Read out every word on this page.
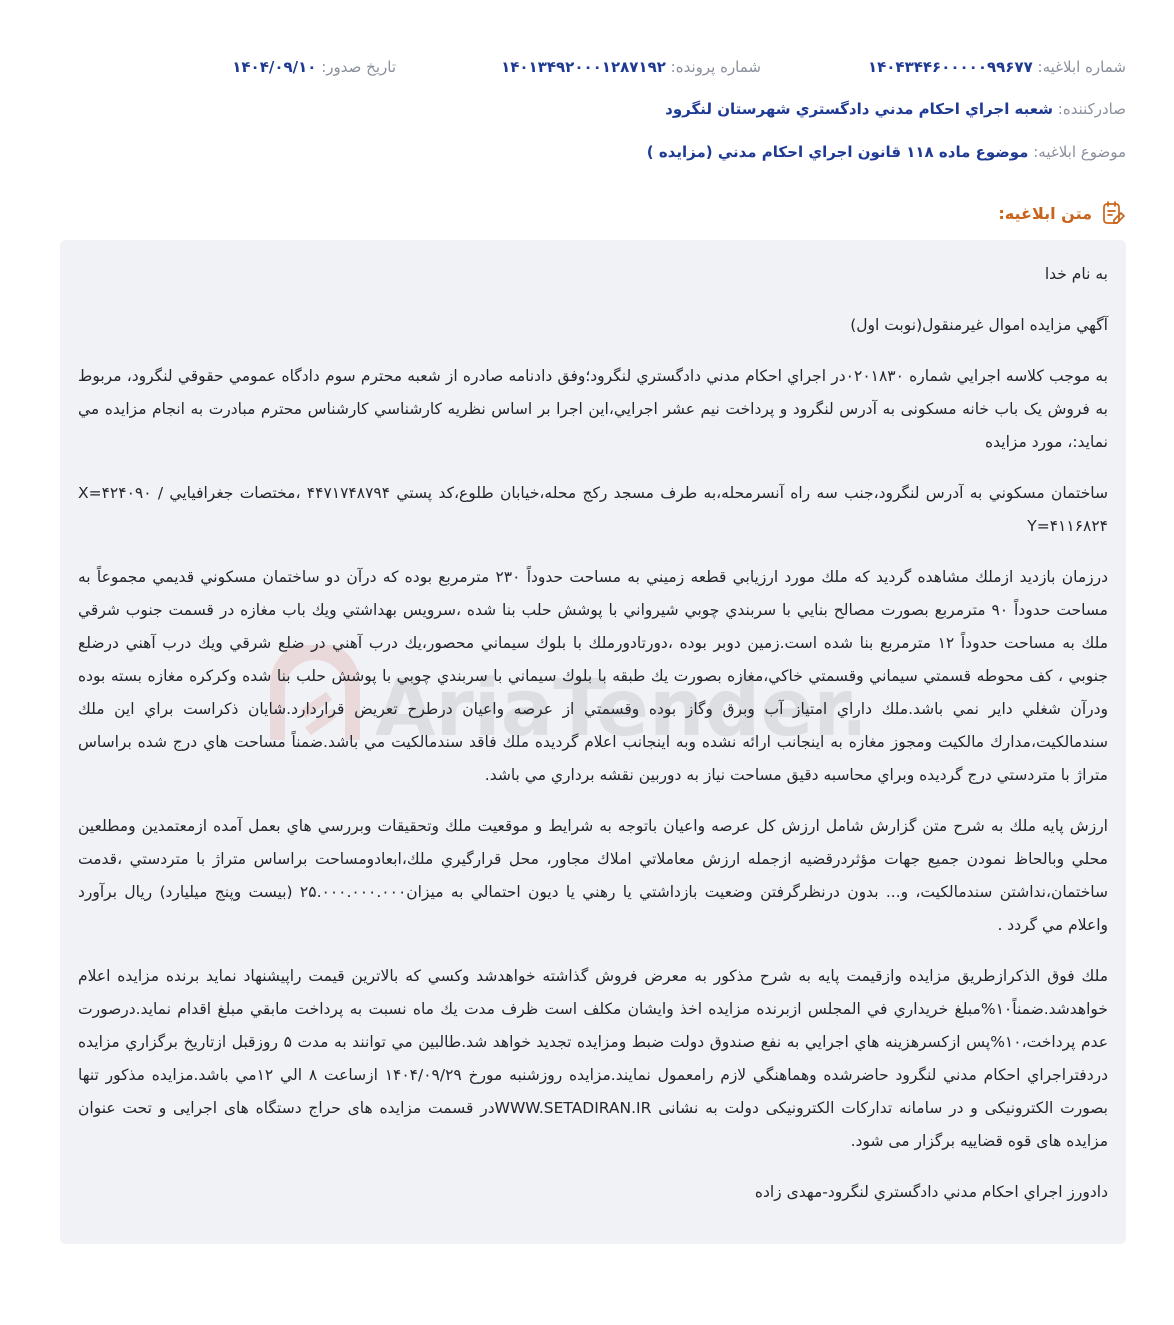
شماره ابلاغيه: ۱۴۰۴۳۴۴۶۰۰۰۰۰۹۹۶۷۷
شماره پرونده: ۱۴۰۱۳۴۹۲۰۰۰۱۲۸۷۱۹۲
تاريخ صدور: ۱۴۰۴/۰۹/۱۰
صادرکننده: شعبه اجراي احکام مدني دادگستري شهرستان لنگرود
موضوع ابلاغيه: موضوع ماده ۱۱۸ قانون اجراي احكام مدني (مزايده )
متن ابلاغيه:
AriaTender

به نام خدا

آگهي مزايده اموال غيرمنقول(نوبت اول)

به موجب كلاسه اجرايي شماره ۰۲۰۱۸۳۰در اجراي احكام مدني دادگستري لنگرود؛وفق دادنامه صادره از شعبه محترم سوم دادگاه عمومي حقوقي لنگرود، مربوط به فروش يک باب خانه مسکونی به آدرس لنگرود و پرداخت نيم عشر اجرايي،اين اجرا بر اساس نظريه کارشناسي كارشناس محترم مبادرت به انجام مزايده مي نمايد:، مورد مزايده

ساختمان مسكوني به آدرس لنگرود،جنب سه راه آنسرمحله،به طرف مسجد ركج محله،خيابان طلوع،كد پستي ۴۴۷۱۷۴۸۷۹۴ ،مختصات جغرافيايي X=۴۲۴۰۹۰ / Y=۴۱۱۶۸۲۴

درزمان بازديد ازملك مشاهده گرديد كه ملك مورد ارزيابي قطعه زميني به مساحت حدوداً ۲۳۰ مترمربع بوده كه درآن دو ساختمان مسكوني قديمي مجموعاً به مساحت حدوداً ۹۰ مترمربع بصورت مصالح بنايي با سربندي چوبي شيرواني با پوشش حلب بنا شده ،سرويس بهداشتي ويك باب مغازه در قسمت جنوب شرقي ملك به مساحت حدوداً ۱۲ مترمربع بنا شده است.زمين دوبر بوده ،دورتادورملك با بلوك سيماني محصور،يك درب آهني در ضلع شرقي ويك درب آهني درضلع جنوبي ، كف محوطه قسمتي سيماني وقسمتي خاكي،مغازه بصورت يك طبقه با بلوك سيماني با سربندي چوبي با پوشش حلب بنا شده وكركره مغازه بسته بوده ودرآن شغلي داير نمي باشد.ملك داراي امتياز آب وبرق وگاز بوده وقسمتي از عرصه واعيان درطرح تعريض قراردارد.شايان ذكراست براي اين ملك سندمالكيت،مدارك مالكيت ومجوز مغازه به اينجانب ارائه نشده وبه اينجانب اعلام گرديده ملك فاقد سندمالكيت مي باشد.ضمناً مساحت هاي درج شده براساس متراژ با متردستي درج گرديده وبراي محاسبه دقيق مساحت نياز به دوربين نقشه برداري مي باشد.

ارزش پايه ملك به شرح متن گزارش شامل ارزش كل عرصه واعيان باتوجه به شرايط و موقعيت ملك وتحقيقات وبررسي هاي بعمل آمده ازمعتمدين ومطلعين محلي وبالحاظ نمودن جميع جهات مؤثردرقضيه ازجمله ارزش معاملاتي املاك مجاور، محل قرارگيري ملك،ابعادومساحت براساس متراژ با متردستي ،قدمت ساختمان،نداشتن سندمالكيت، و... بدون درنظرگرفتن وضعيت بازداشتي يا رهني يا ديون احتمالي به ميزان۲۵.۰۰۰.۰۰۰.۰۰۰ (بيست وپنج ميليارد) ريال برآورد واعلام مي گردد .

ملك فوق الذكرازطريق مزايده وازقيمت پايه به شرح مذكور به معرض فروش گذاشته خواهدشد وكسي كه بالاترين قيمت راپيشنهاد نمايد برنده مزايده اعلام خواهدشد.ضمناً۱۰%مبلغ خريداري في المجلس ازبرنده مزايده اخذ وايشان مكلف است ظرف مدت يك ماه نسبت به پرداخت مابقي مبلغ اقدام نمايد.درصورت عدم پرداخت،۱۰%پس ازكسرهزينه هاي اجرايي به نفع صندوق دولت ضبط ومزايده تجديد خواهد شد.طالبين مي توانند به مدت ۵ روزقبل ازتاريخ برگزاري مزايده دردفتراجراي احكام مدني لنگرود حاضرشده وهماهنگي لازم رامعمول نمايند.مزايده روزشنبه مورخ ۱۴۰۴/۰۹/۲۹ ازساعت ۸ الي ۱۲مي باشد.مزایده مذکور تنها بصورت الکترونیکی و در سامانه تدارکات الکترونیکی دولت به نشانی WWW.SETADIRAN.IRدر قسمت مزایده های حراج دستگاه های اجرایی و تحت عنوان مزایده های قوه قضاییه برگزار می شود.

دادورز اجراي احكام مدني دادگستري لنگرود-مهدی زاده
